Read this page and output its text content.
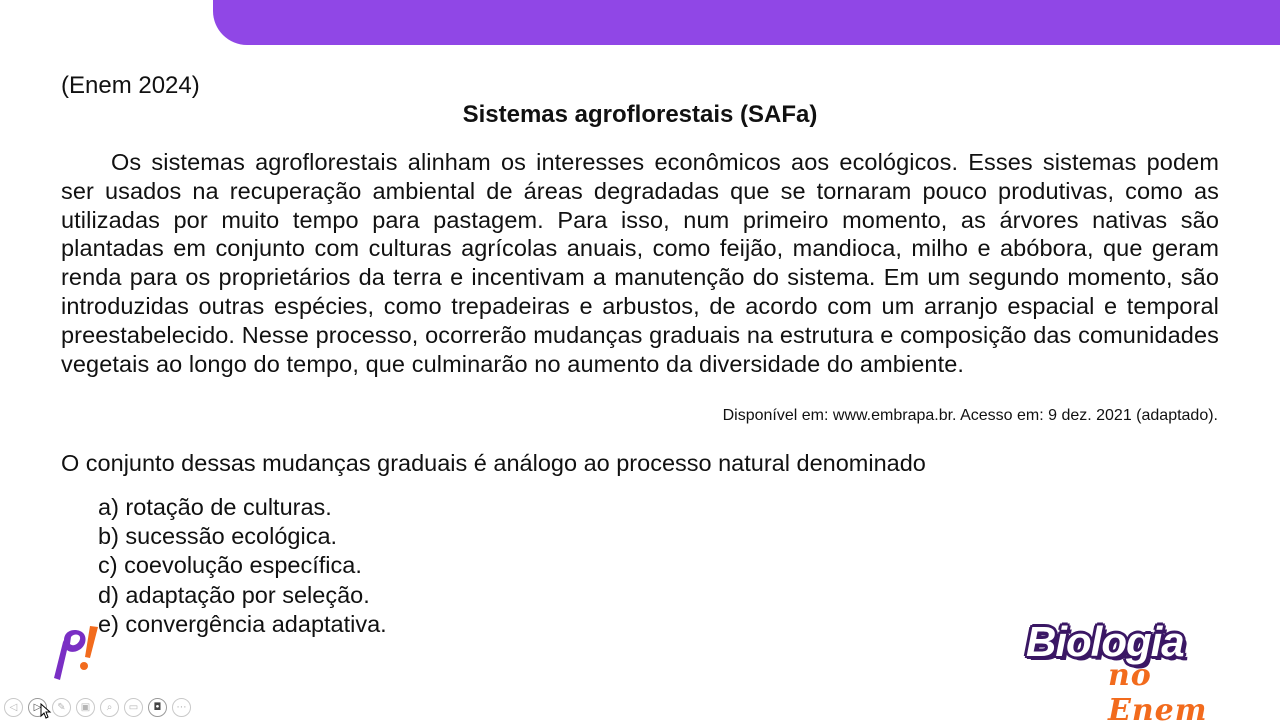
(Enem 2024)
Sistemas agroflorestais (SAFa)

Os sistemas agroflorestais alinham os interesses econômicos aos ecológicos. Esses sistemas podem ser usados na recuperação ambiental de áreas degradadas que se tornaram pouco produtivas, como as utilizadas por muito tempo para pastagem. Para isso, num primeiro momento, as árvores nativas são plantadas em conjunto com culturas agrícolas anuais, como feijão, mandioca, milho e abóbora, que geram renda para os proprietários da terra e incentivam a manutenção do sistema. Em um segundo momento, são introduzidas outras espécies, como trepadeiras e arbustos, de acordo com um arranjo espacial e temporal preestabelecido. Nesse processo, ocorrerão mudanças graduais na estrutura e composição das comunidades vegetais ao longo do tempo, que culminarão no aumento da diversidade do ambiente.

Disponível em: www.embrapa.br. Acesso em: 9 dez. 2021 (adaptado).
O conjunto dessas mudanças graduais é análogo ao processo natural denominado
a) rotação de culturas.
b) sucessão ecológica.
c) coevolução específica.
d) adaptação por seleção.
e) convergência adaptativa.	Biologia
no Enem
◁	▷	✎	▣	⌕	▭	◘	⋯
